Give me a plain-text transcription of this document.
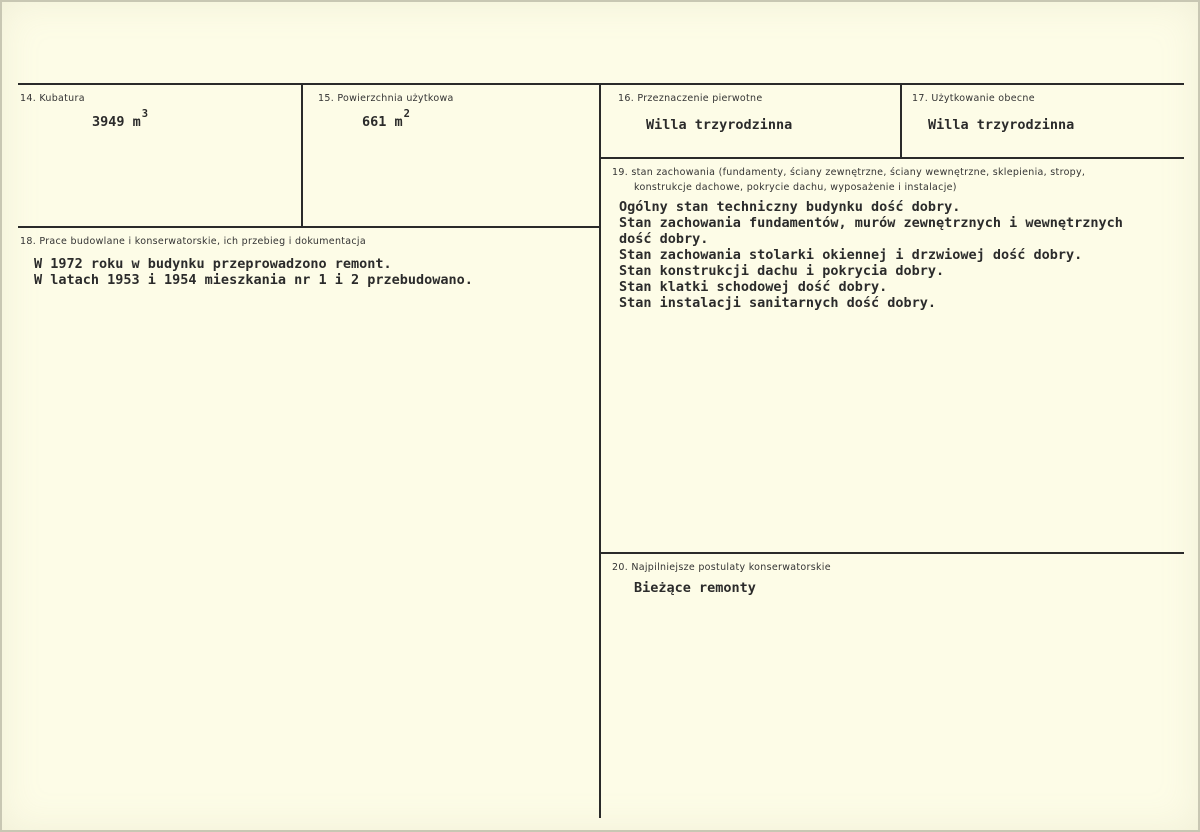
14. Kubatura
3949 $m^3$
15. Powierzchnia użytkowa
661 $m^2$
16. Przeznaczenie pierwotne
Willa trzyrodzinna
17. Użytkowanie obecne
Willa trzyrodzinna
18. Prace budowlane i konserwatorskie, ich przebieg i dokumentacja
W 1972 roku w budynku przeprowadzono remont.
W latach 1953 i 1954 mieszkania nr 1 i 2 przebudowano.
19. stan zachowania (fundamenty, ściany zewnętrzne, ściany wewnętrzne, sklepienia, stropy,
konstrukcje dachowe, pokrycie dachu, wyposażenie i instalacje)
Ogólny stan techniczny budynku dość dobry.
Stan zachowania fundamentów, murów zewnętrznych i wewnętrznych
dość dobry.
Stan zachowania stolarki okiennej i drzwiowej dość dobry.
Stan konstrukcji dachu i pokrycia dobry.
Stan klatki schodowej dość dobry.
Stan instalacji sanitarnych dość dobry.
20. Najpilniejsze postulaty konserwatorskie
Bieżące remonty
